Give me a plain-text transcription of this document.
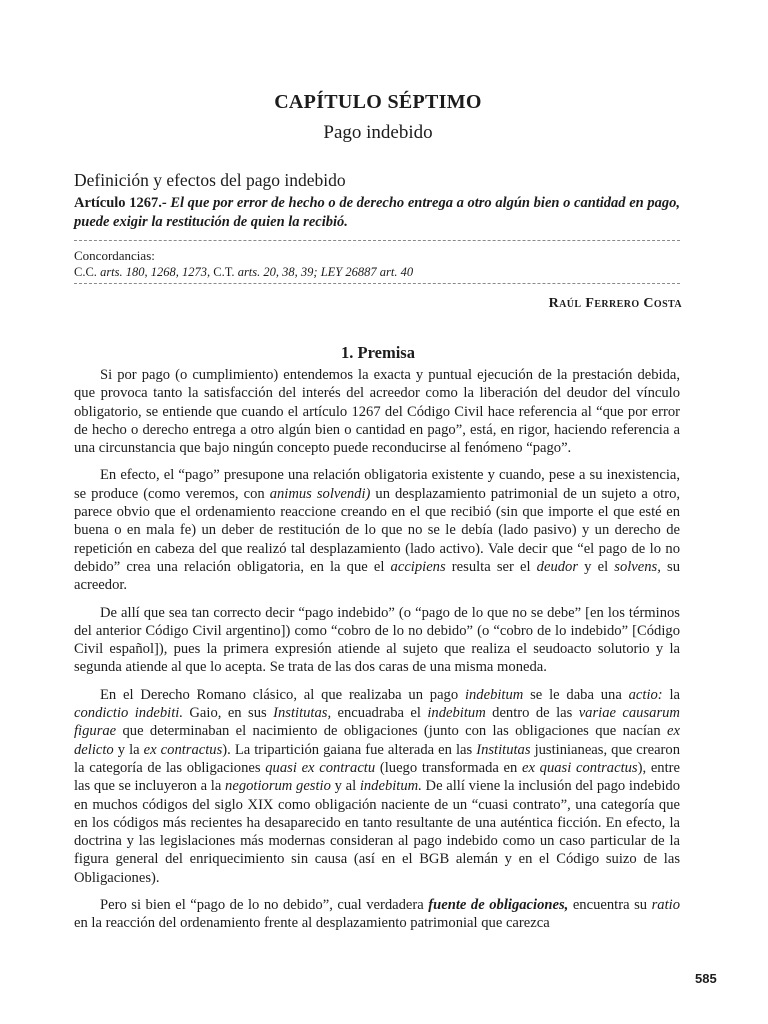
CAPÍTULO SÉPTIMO
Pago indebido
Definición y efectos del pago indebido
Artículo 1267.- El que por error de hecho o de derecho entrega a otro algún bien o cantidad en pago, puede exigir la restitución de quien la recibió.
Concordancias:
C.C. arts. 180, 1268, 1273, C.T. arts. 20, 38, 39; LEY 26887 art. 40
Raúl Ferrero Costa
1. Premisa

Si por pago (o cumplimiento) entendemos la exacta y puntual ejecución de la prestación debida, que provoca tanto la satisfacción del interés del acreedor como la liberación del deudor del vínculo obligatorio, se entiende que cuando el artículo 1267 del Código Civil hace referencia al “que por error de hecho o derecho entrega a otro algún bien o cantidad en pago”, está, en rigor, haciendo referencia a una circunstancia que bajo ningún concepto puede reconducirse al fenómeno “pago”.

En efecto, el “pago” presupone una relación obligatoria existente y cuando, pese a su inexistencia, se produce (como veremos, con animus solvendi) un desplazamiento patrimonial de un sujeto a otro, parece obvio que el ordenamiento reaccione creando en el que recibió (sin que importe el que esté en buena o en mala fe) un deber de restitución de lo que no se le debía (lado pasivo) y un derecho de repetición en cabeza del que realizó tal desplazamiento (lado activo). Vale decir que “el pago de lo no debido” crea una relación obligatoria, en la que el accipiens resulta ser el deudor y el solvens, su acreedor.

De allí que sea tan correcto decir “pago indebido” (o “pago de lo que no se debe” [en los términos del anterior Código Civil argentino]) como “cobro de lo no debido” (o “cobro de lo indebido” [Código Civil español]), pues la primera expresión atiende al sujeto que realiza el seudoacto solutorio y la segunda atiende al que lo acepta. Se trata de las dos caras de una misma moneda.

En el Derecho Romano clásico, al que realizaba un pago indebitum se le daba una actio: la condictio indebiti. Gaio, en sus Institutas, encuadraba el indebitum dentro de las variae causarum figurae que determinaban el nacimiento de obligaciones (junto con las obligaciones que nacían ex delicto y la ex contractus). La tripartición gaiana fue alterada en las Institutas justinianeas, que crearon la categoría de las obligaciones quasi ex contractu (luego transformada en ex quasi contractus), entre las que se incluyeron a la negotiorum gestio y al indebitum. De allí viene la inclusión del pago indebido en muchos códigos del siglo XIX como obligación naciente de un “cuasi contrato”, una categoría que en los códigos más recientes ha desaparecido en tanto resultante de una auténtica ficción. En efecto, la doctrina y las legislaciones más modernas consideran al pago indebido como un caso particular de la figura general del enriquecimiento sin causa (así en el BGB alemán y en el Código suizo de las Obligaciones).

Pero si bien el “pago de lo no debido”, cual verdadera fuente de obligaciones, encuentra su ratio en la reacción del ordenamiento frente al desplazamiento patrimonial que carezca

585
